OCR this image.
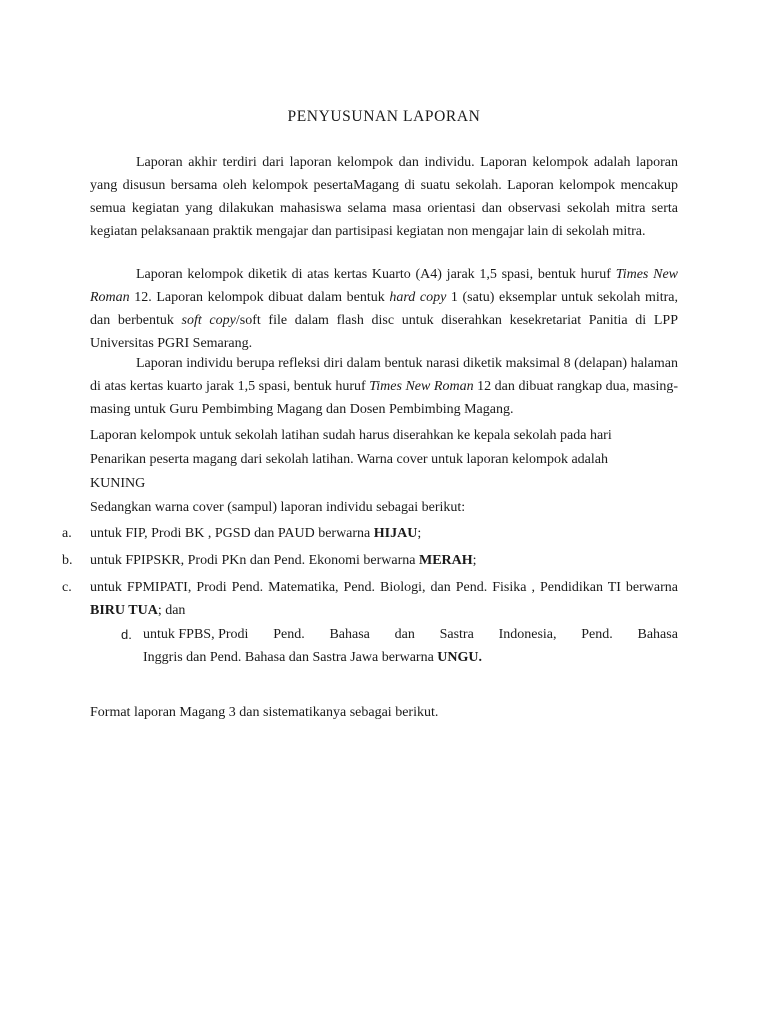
PENYUSUNAN LAPORAN

Laporan akhir terdiri dari laporan kelompok dan individu. Laporan kelompok adalah laporan yang disusun bersama oleh kelompok pesertaMagang di suatu sekolah. Laporan kelompok mencakup semua kegiatan yang dilakukan mahasiswa selama masa orientasi dan observasi sekolah mitra serta kegiatan pelaksanaan praktik mengajar dan partisipasi kegiatan non mengajar lain di sekolah mitra.

Laporan kelompok diketik di atas kertas Kuarto (A4) jarak 1,5 spasi, bentuk huruf Times New Roman 12. Laporan kelompok dibuat dalam bentuk hard copy 1 (satu) eksemplar untuk sekolah mitra, dan berbentuk soft copy/soft file dalam flash disc untuk diserahkan kesekretariat Panitia di LPP Universitas PGRI Semarang.

Laporan individu berupa refleksi diri dalam bentuk narasi diketik maksimal 8 (delapan) halaman di atas kertas kuarto jarak 1,5 spasi, bentuk huruf Times New Roman 12 dan dibuat rangkap dua, masing-masing untuk Guru Pembimbing Magang dan Dosen Pembimbing Magang.

Laporan kelompok untuk sekolah latihan sudah harus diserahkan ke kepala sekolah pada hari
Penarikan peserta magang dari sekolah latihan. Warna cover untuk laporan kelompok adalah
KUNING

Sedangkan warna cover (sampul) laporan individu sebagai berikut:

a. untuk FIP, Prodi BK , PGSD dan PAUD berwarna HIJAU;
b. untuk FPIPSKR, Prodi PKn dan Pend. Ekonomi berwarna MERAH;
c. untuk FPMIPATI, Prodi Pend. Matematika, Pend. Biologi, dan Pend. Fisika , Pendidikan TI berwarna BIRU TUA; dan
d. untuk FPBS, Prodi Pend. Bahasa dan Sastra Indonesia, Pend. Bahasa
Inggris dan Pend. Bahasa dan Sastra Jawa berwarna UNGU.

Format laporan Magang 3 dan sistematikanya sebagai berikut.
